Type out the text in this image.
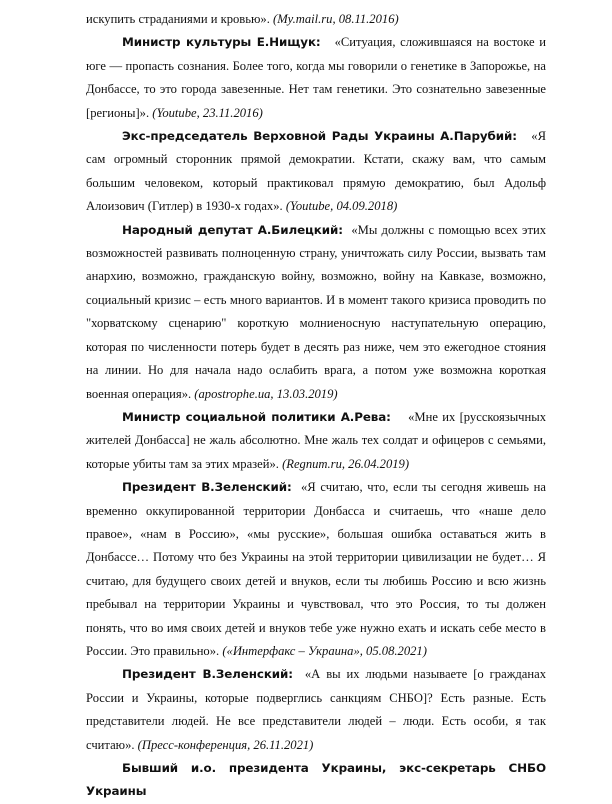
искупить страданиями и кровью». (My.mail.ru, 08.11.2016)

Министр культуры Е.Нищук: «Ситуация, сложившаяся на востоке и юге — пропасть сознания. Более того, когда мы говорили о генетике в Запорожье, на Донбассе, то это города завезенные. Нет там генетики. Это сознательно завезенные [регионы]». (Youtube, 23.11.2016)

Экс-председатель Верховной Рады Украины А.Парубий: «Я сам огромный сторонник прямой демократии. Кстати, скажу вам, что самым большим человеком, который практиковал прямую демократию, был Адольф Алоизович (Гитлер) в 1930-х годах». (Youtube, 04.09.2018)

Народный депутат А.Билецкий: «Мы должны с помощью всех этих возможностей развивать полноценную страну, уничтожать силу России, вызвать там анархию, возможно, гражданскую войну, возможно, войну на Кавказе, возможно, социальный кризис – есть много вариантов. И в момент такого кризиса проводить по "хорватскому сценарию" короткую молниеносную наступательную операцию, которая по численности потерь будет в десять раз ниже, чем это ежегодное стояния на линии. Но для начала надо ослабить врага, а потом уже возможна короткая военная операция». (apostrophe.ua, 13.03.2019)

Министр социальной политики А.Рева: «Мне их [русскоязычных жителей Донбасса] не жаль абсолютно. Мне жаль тех солдат и офицеров с семьями, которые убиты там за этих мразей». (Regnum.ru, 26.04.2019)

Президент В.Зеленский: «Я считаю, что, если ты сегодня живешь на временно оккупированной территории Донбасса и считаешь, что «наше дело правое», «нам в Россию», «мы русские», большая ошибка оставаться жить в Донбассе… Потому что без Украины на этой территории цивилизации не будет… Я считаю, для будущего своих детей и внуков, если ты любишь Россию и всю жизнь пребывал на территории Украины и чувствовал, что это Россия, то ты должен понять, что во имя своих детей и внуков тебе уже нужно ехать и искать себе место в России. Это правильно». («Интерфакс – Украина», 05.08.2021)

Президент В.Зеленский: «А вы их людьми называете [о гражданах России и Украины, которые подверглись санкциям СНБО]? Есть разные. Есть представители людей. Не все представители людей – люди. Есть особи, я так считаю». (Пресс-конференция, 26.11.2021)

Бывший и.о. президента Украины, экс-секретарь СНБО Украины
